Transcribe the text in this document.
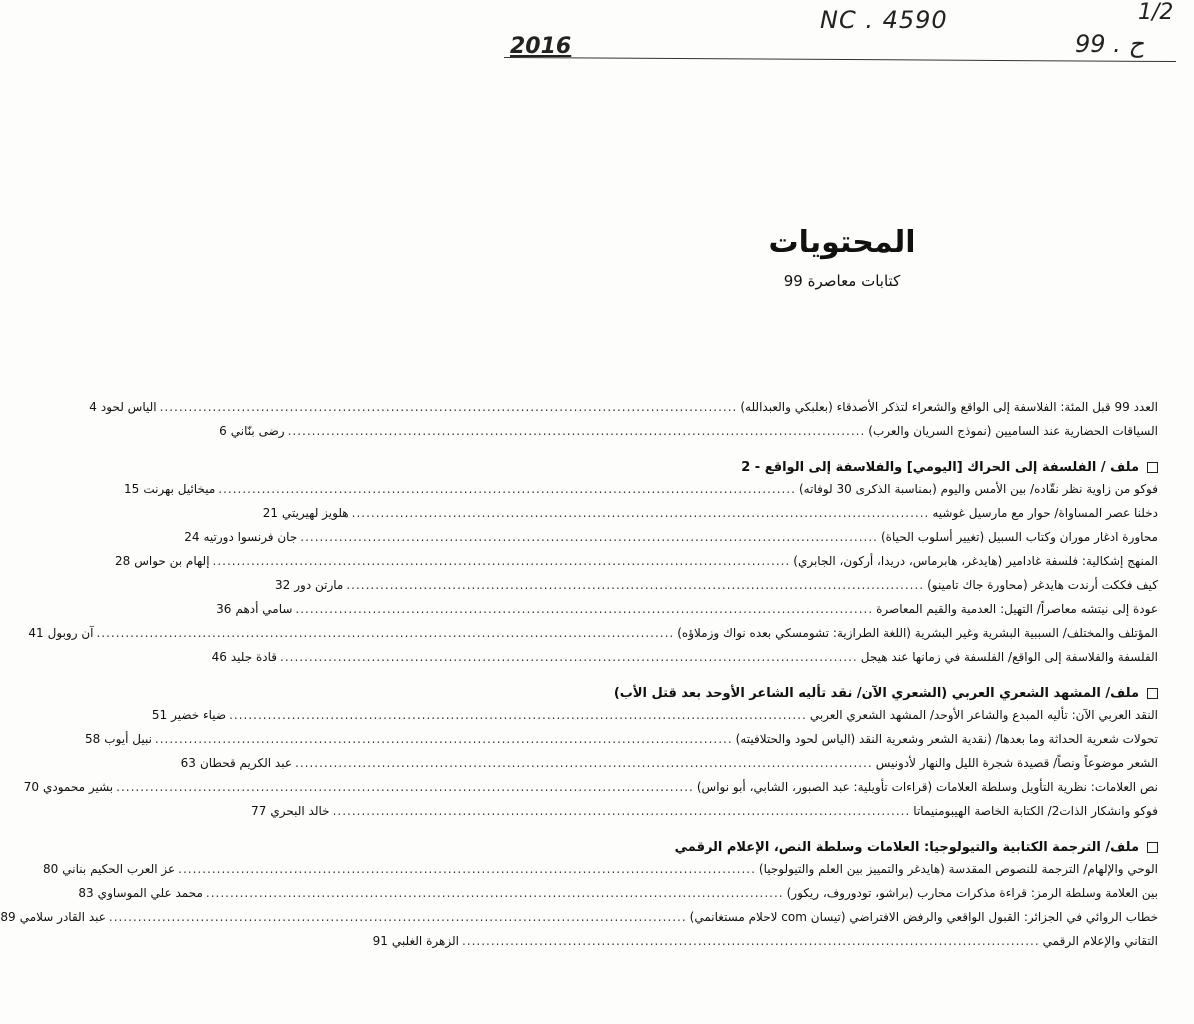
NC . 4590	1/2
2016	99 . ح
المحتويات
كتابات معاصرة 99
العدد 99 قبل المئة: الفلاسفة إلى الواقع والشعراء لتذكر الأصدقاء (بعلبكي والعبدالله)
.....
الياس لحود
4
السياقات الحضارية عند الساميين (نموذج السريان والعرب)
.....
رضى بنّاني
6
ملف / الفلسفة إلى الحراك [اليومي] والفلاسفة إلى الواقع - 2
فوكو من زاوية نظر نقّاده/ بين الأمس واليوم (بمناسبة الذكرى 30 لوفاته)
.....
ميخائيل بهرنت
15
دخلنا عصر المساواة/ حوار مع مارسيل غوشيه
.....
هلويز لهيريتي
21
محاورة ادغار موران وكتاب السبيل (تغيير أسلوب الحياة)
.....
جان فرنسوا دورتيه
24
المنهج إشكالية: فلسفة غادامير (هايدغر، هابرماس، دريدا، أركون، الجابري)
.....
إلهام بن حواس
28
كيف فككت أرندت هايدغر (محاورة جاك تامينو)
.....
مارتن دور
32
عودة إلى نيتشه معاصراً/ التهيل: العدمية والقيم المعاصرة
.....
سامي أدهم
36
المؤتلف والمختلف/ السببية البشرية وغير البشرية (اللغة الطرازية: تشومسكي بعده نواك وزملاؤه)
.....
آن روبول
41
الفلسفة والفلاسفة إلى الواقع/ الفلسفة في زمانها عند هيجل
.....
قادة جليد
46
ملف/ المشهد الشعري العربي (الشعري الآن/ نقد تأليه الشاعر الأوحد بعد قتل الأب)
النقد العربي الآن: تأليه المبدع والشاعر الأوحد/ المشهد الشعري العربي
.....
ضياء خضير
51
تحولات شعرية الحداثة وما بعدها/ (نقدية الشعر وشعرية النقد (الياس لحود والحتلافيته)
.....
نبيل أيوب
58
الشعر موضوعاً ونصاً/ قصيدة شجرة الليل والنهار لأدونيس
.....
عبد الكريم قحطان
63
نص العلامات: نظرية التأويل وسلطة العلامات (قراءات تأويلية: عبد الصبور، الشابي، أبو نواس)
.....
بشير محمودي
70
فوكو وانشكار الذات2/ الكتابة الخاصة الهيبومنيماتا
.....
خالد البحري
77
ملف/ الترجمة الكتابية والتيولوجيا: العلامات وسلطة النص، الإعلام الرقمي
الوحي والإلهام/ الترجمة للنصوص المقدسة (هايدغر والتمييز بين العلم والتيولوجيا)
.....
عز العرب الحكيم بناني
80
بين العلامة وسلطة الرمز: قراءة مذكرات محارب (براشو، تودوروف، ريكور)
.....
محمد علي الموساوي
83
خطاب الروائي في الجزائر: القبول الواقعي والرفض الافتراضي (تيسان com لاحلام مستغانمي)
.....
عبد القادر سلامي
89
التقاني والإعلام الرقمي
.....
الزهرة الغلبي
91
